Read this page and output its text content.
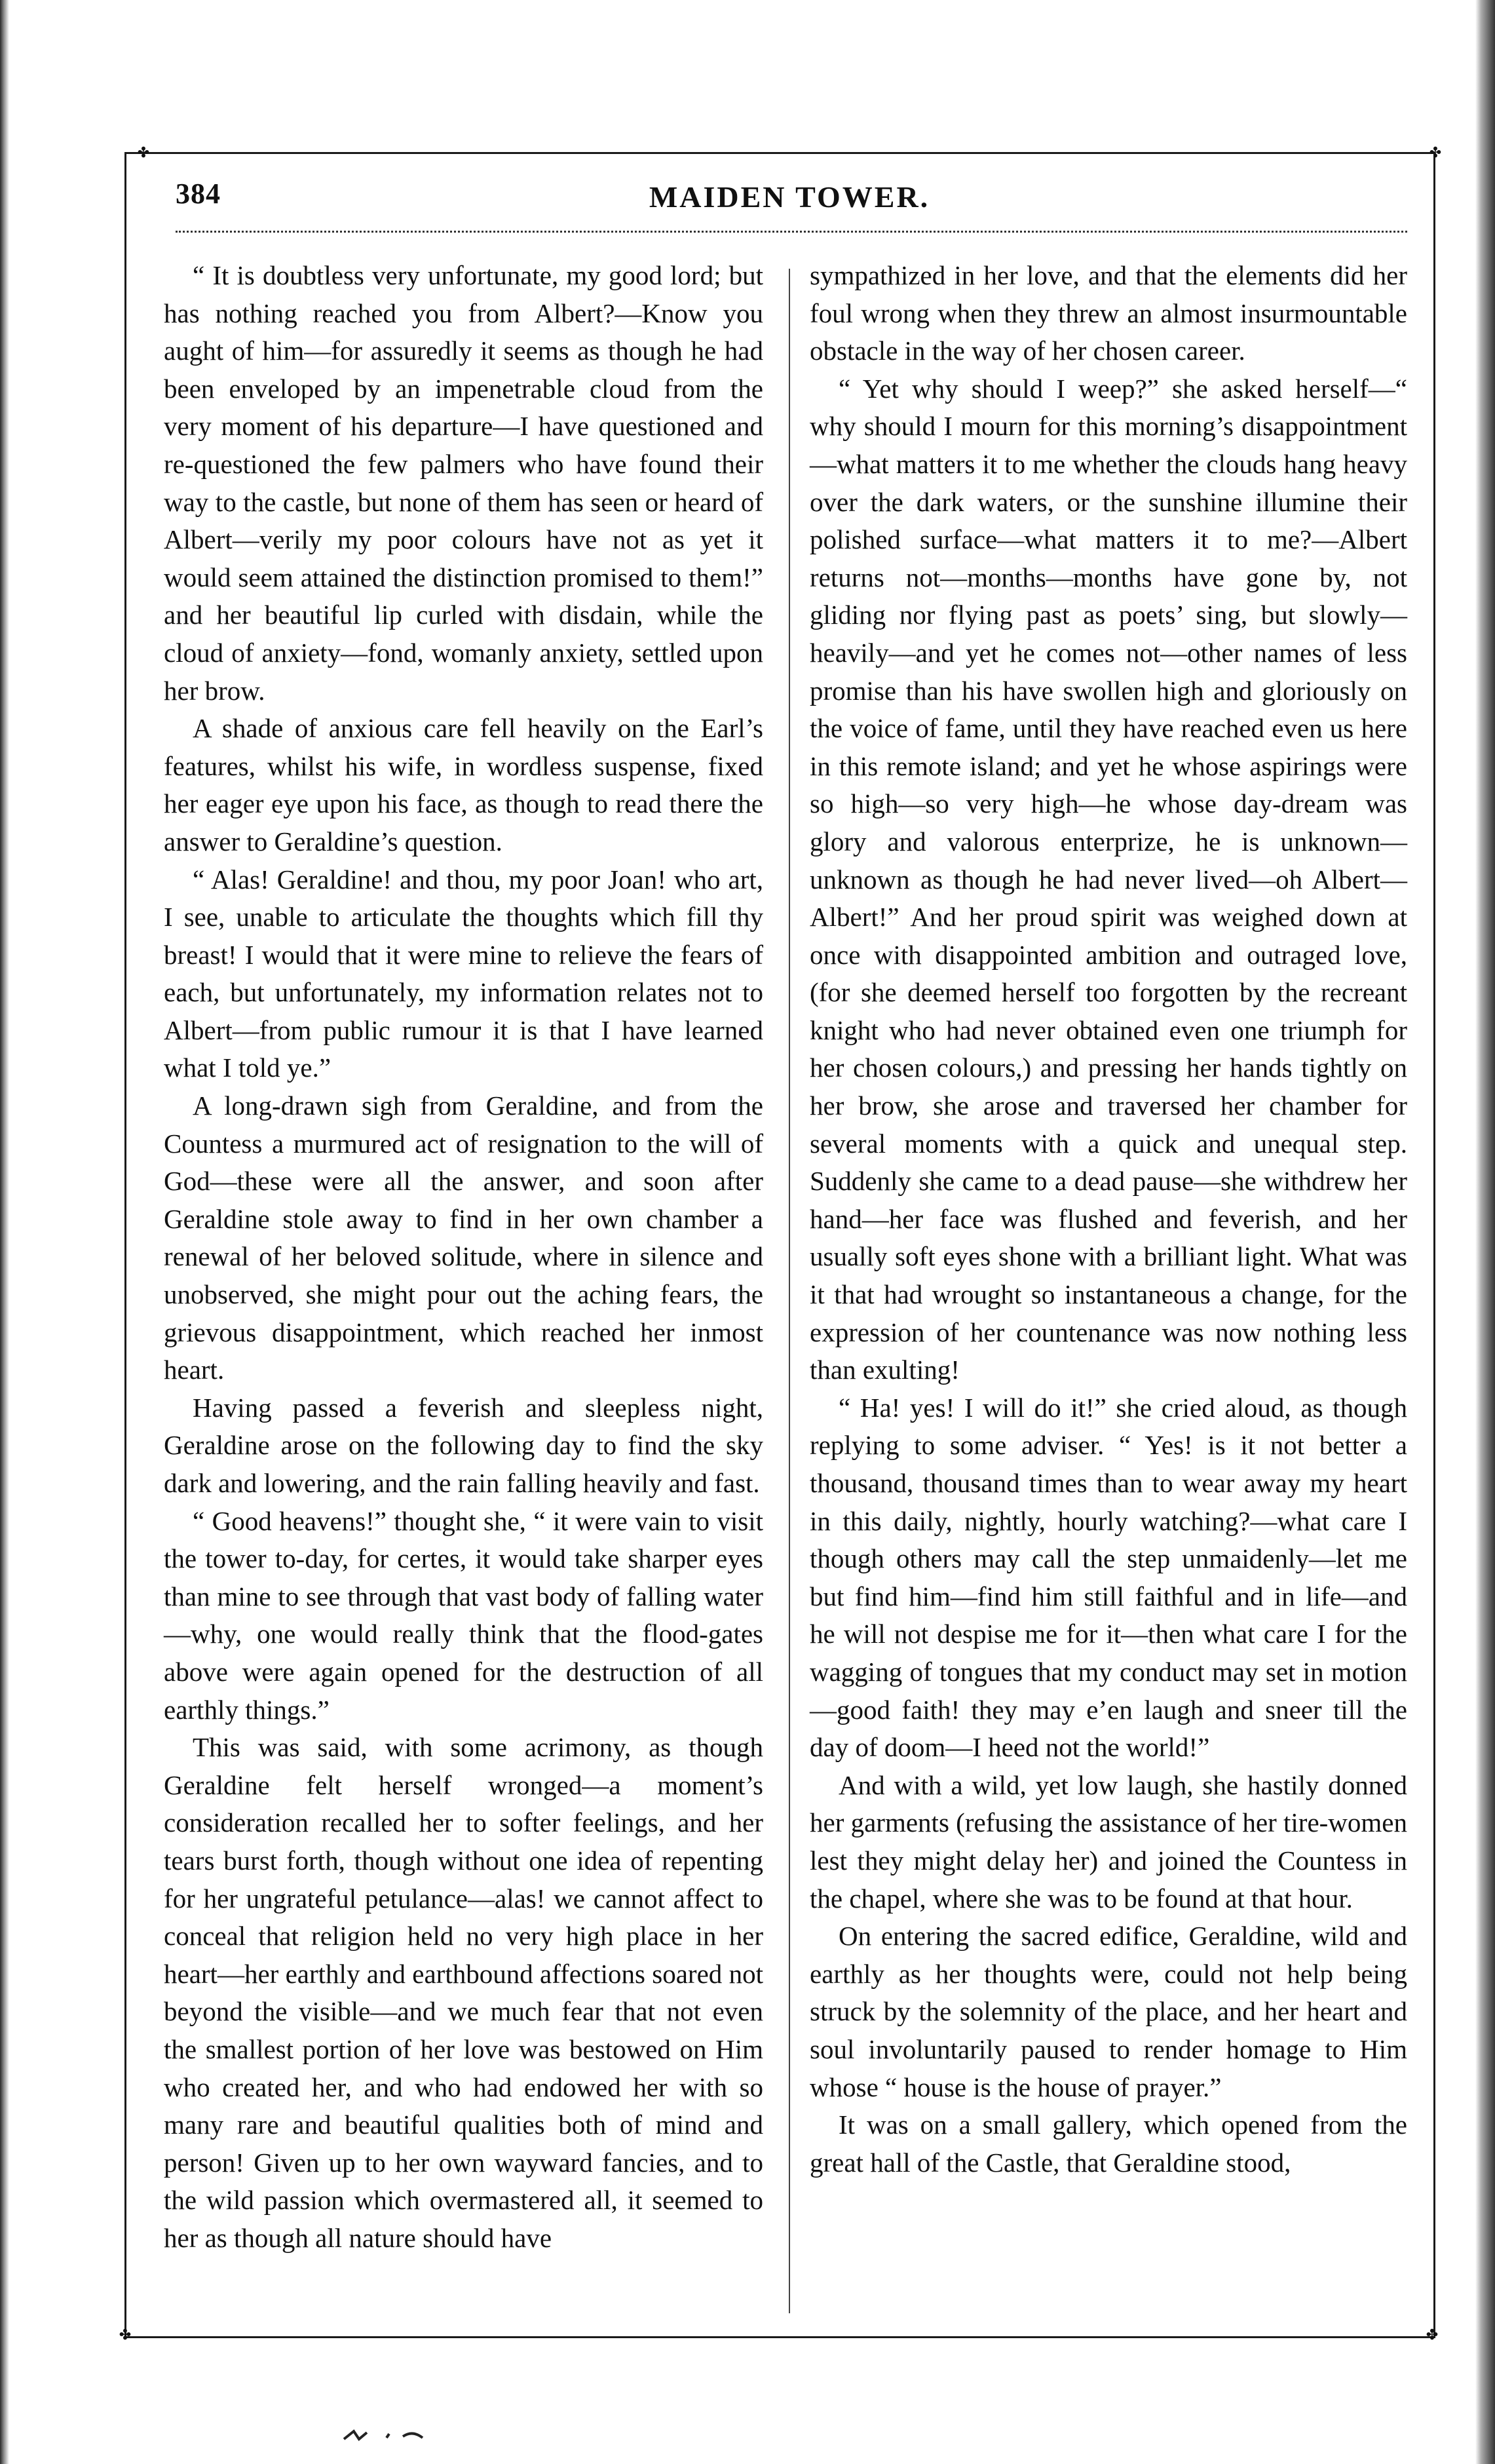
✤	✤
✤	✤
384	MAIDEN TOWER.

“ It is doubtless very unfortunate, my good lord; but has nothing reached you from Albert?—Know you aught of him—for assuredly it seems as though he had been enveloped by an impenetrable cloud from the very moment of his departure—I have questioned and re-questioned the few palmers who have found their way to the castle, but none of them has seen or heard of Albert—verily my poor colours have not as yet it would seem attained the distinction promised to them!” and her beautiful lip curled with disdain, while the cloud of anxiety—fond, womanly anxiety, settled upon her brow.

A shade of anxious care fell heavily on the Earl’s features, whilst his wife, in wordless suspense, fixed her eager eye upon his face, as though to read there the answer to Geraldine’s question.

“ Alas! Geraldine! and thou, my poor Joan! who art, I see, unable to articulate the thoughts which fill thy breast! I would that it were mine to relieve the fears of each, but unfortunately, my information relates not to Albert—from public rumour it is that I have learned what I told ye.”

A long-drawn sigh from Geraldine, and from the Countess a murmured act of resignation to the will of God—these were all the answer, and soon after Geraldine stole away to find in her own chamber a renewal of her beloved solitude, where in silence and unobserved, she might pour out the aching fears, the grievous disappointment, which reached her inmost heart.

Having passed a feverish and sleepless night, Geraldine arose on the following day to find the sky dark and lowering, and the rain falling heavily and fast.

“ Good heavens!” thought she, “ it were vain to visit the tower to-day, for certes, it would take sharper eyes than mine to see through that vast body of falling water—why, one would really think that the flood-gates above were again opened for the destruction of all earthly things.”

This was said, with some acrimony, as though Geraldine felt herself wronged—a moment’s consideration recalled her to softer feelings, and her tears burst forth, though without one idea of repenting for her ungrateful petulance—alas! we cannot affect to conceal that religion held no very high place in her heart—her earthly and earthbound affections soared not beyond the visible—and we much fear that not even the smallest portion of her love was bestowed on Him who created her, and who had endowed her with so many rare and beautiful qualities both of mind and person! Given up to her own wayward fancies, and to the wild passion which overmastered all, it seemed to her as though all nature should have

sympathized in her love, and that the elements did her foul wrong when they threw an almost insurmountable obstacle in the way of her chosen career.

“ Yet why should I weep?” she asked herself—“ why should I mourn for this morning’s disappointment—what matters it to me whether the clouds hang heavy over the dark waters, or the sunshine illumine their polished surface—what matters it to me?—Albert returns not—months—months have gone by, not gliding nor flying past as poets’ sing, but slowly—heavily—and yet he comes not—other names of less promise than his have swollen high and gloriously on the voice of fame, until they have reached even us here in this remote island; and yet he whose aspirings were so high—so very high—he whose day-dream was glory and valorous enterprize, he is unknown—unknown as though he had never lived—oh Albert—Albert!” And her proud spirit was weighed down at once with disappointed ambition and outraged love, (for she deemed herself too forgotten by the recreant knight who had never obtained even one triumph for her chosen colours,) and pressing her hands tightly on her brow, she arose and traversed her chamber for several moments with a quick and unequal step. Suddenly she came to a dead pause—she withdrew her hand—her face was flushed and feverish, and her usually soft eyes shone with a brilliant light. What was it that had wrought so instantaneous a change, for the expression of her countenance was now nothing less than exulting!

“ Ha! yes! I will do it!” she cried aloud, as though replying to some adviser. “ Yes! is it not better a thousand, thousand times than to wear away my heart in this daily, nightly, hourly watching?—what care I though others may call the step unmaidenly—let me but find him—find him still faithful and in life—and he will not despise me for it—then what care I for the wagging of tongues that my conduct may set in motion—good faith! they may e’en laugh and sneer till the day of doom—I heed not the world!”

And with a wild, yet low laugh, she hastily donned her garments (refusing the assistance of her tire-women lest they might delay her) and joined the Countess in the chapel, where she was to be found at that hour.

On entering the sacred edifice, Geraldine, wild and earthly as her thoughts were, could not help being struck by the solemnity of the place, and her heart and soul involuntarily paused to render homage to Him whose “ house is the house of prayer.”

It was on a small gallery, which opened from the great hall of the Castle, that Geraldine stood,
